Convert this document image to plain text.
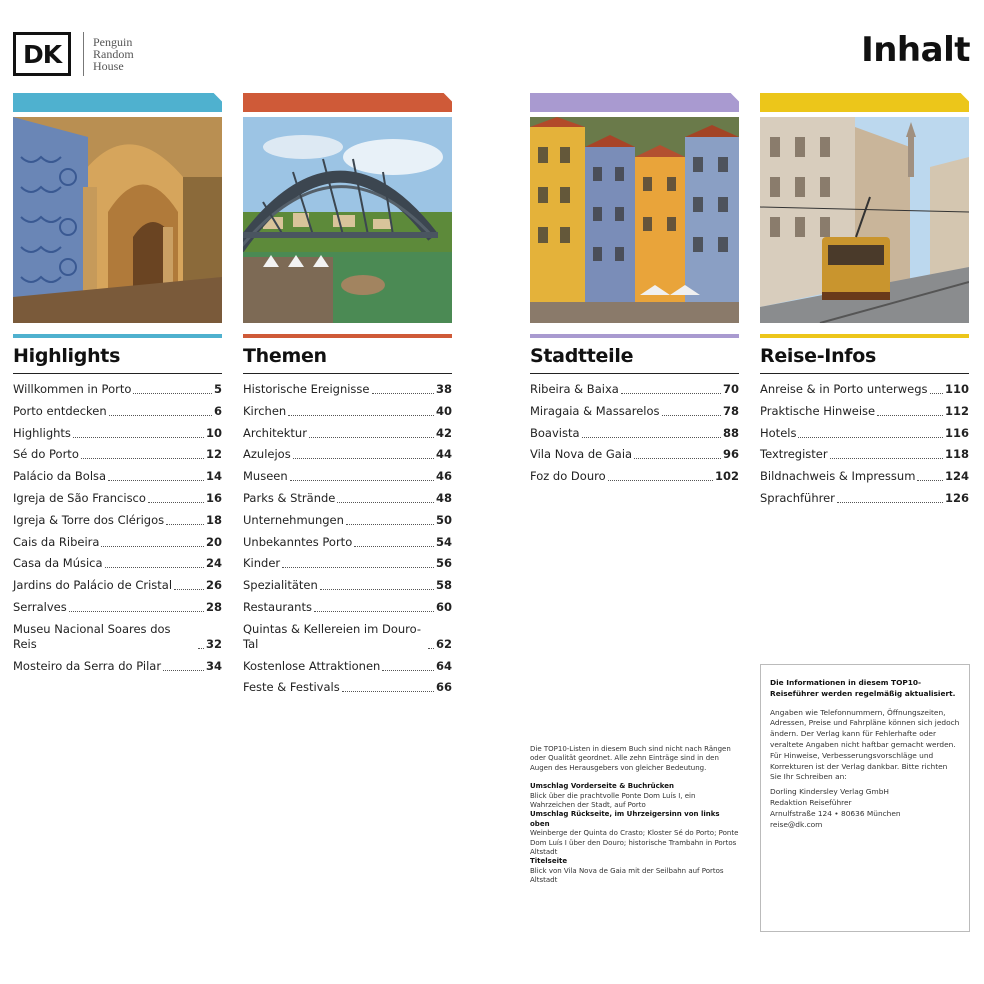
DK	Penguin
Random
House	Inhalt
Highlights
Willkommen in Porto	5
Porto entdecken	6
Highlights	10
Sé do Porto	12
Palácio da Bolsa	14
Igreja de São Francisco	16
Igreja & Torre dos Clérigos	18
Cais da Ribeira	20
Casa da Música	24
Jardins do Palácio de Cristal	26
Serralves	28
Museu Nacional Soares dos Reis	32
Mosteiro da Serra do Pilar	34
Themen
Historische Ereignisse	38
Kirchen	40
Architektur	42
Azulejos	44
Museen	46
Parks & Strände	48
Unternehmungen	50
Unbekanntes Porto	54
Kinder	56
Spezialitäten	58
Restaurants	60
Quintas & Kellereien im Douro-Tal	62
Kostenlose Attraktionen	64
Feste & Festivals	66
Stadtteile
Ribeira & Baixa	70
Miragaia & Massarelos	78
Boavista	88
Vila Nova de Gaia	96
Foz do Douro	102
Reise-Infos
Anreise & in Porto unterwegs 110
Praktische Hinweise	112
Hotels	116
Textregister	118
Bildnachweis & Impressum	124
Sprachführer	126

Die TOP10-Listen in diesem Buch sind nicht nach Rängen oder Qualität geordnet. Alle zehn Einträge sind in den Augen des Herausgebers von gleicher Bedeutung.

Umschlag Vorderseite & Buchrücken

Blick über die prachtvolle Ponte Dom Luís I, ein Wahrzeichen der Stadt, auf Porto

Umschlag Rückseite, im Uhrzeigersinn von links oben

Weinberge der Quinta do Crasto; Kloster Sé do Porto; Ponte Dom Luís I über den Douro; historische Trambahn in Portos Altstadt

Titelseite

Blick von Vila Nova de Gaia mit der Seilbahn auf Portos Altstadt

Die Informationen in diesem TOP10-Reiseführer werden regelmäßig aktualisiert.

Angaben wie Telefonnummern, Öffnungszeiten, Adressen, Preise und Fahrpläne können sich jedoch ändern. Der Verlag kann für Fehlerhafte oder veraltete Angaben nicht haftbar gemacht werden. Für Hinweise, Verbesserungsvorschläge und Korrekturen ist der Verlag dankbar. Bitte richten Sie Ihr Schreiben an:

Dorling Kindersley Verlag GmbH

Redaktion Reiseführer

Arnulfstraße 124 • 80636 München

reise@dk.com
